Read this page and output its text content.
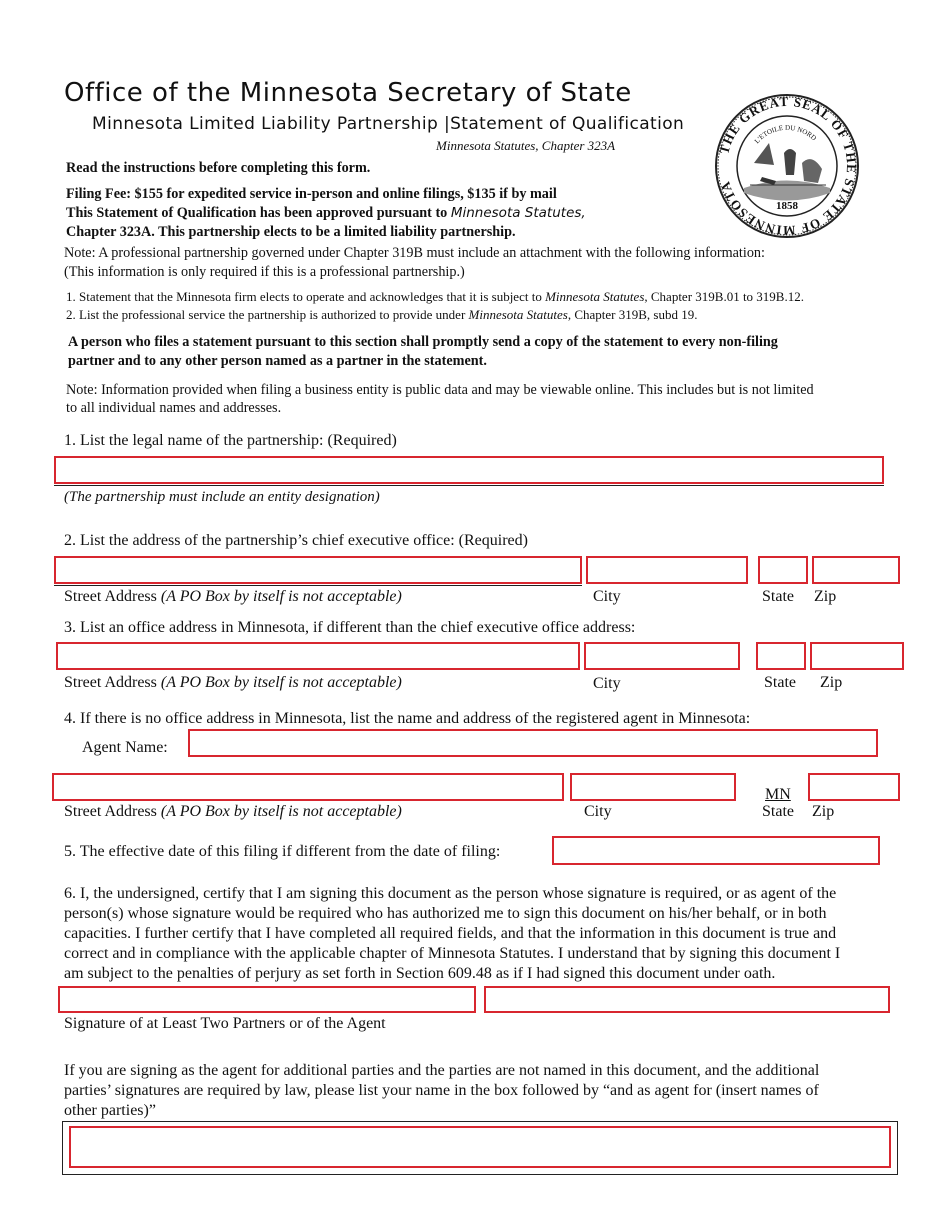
Office of the Minnesota Secretary of State
Minnesota Limited Liability Partnership |Statement of Qualification
Minnesota Statutes, Chapter 323A	THE GREAT SEAL OF THE STATE OF MINNESOTA
L'ETOILE DU NORD
1858
Read the instructions before completing this form.
Filing Fee: $155 for expedited service in-person and online filings, $135 if by mail
This Statement of Qualification has been approved pursuant to Minnesota Statutes,
Chapter 323A. This partnership elects to be a limited liability partnership.
Note: A professional partnership governed under Chapter 319B must include an attachment with the following information:
(This information is only required if this is a professional partnership.)
1. Statement that the Minnesota firm elects to operate and acknowledges that it is subject to Minnesota Statutes, Chapter 319B.01 to 319B.12.
2. List the professional service the partnership is authorized to provide under Minnesota Statutes, Chapter 319B, subd 19.
A person who files a statement pursuant to this section shall promptly send a copy of the statement to every non-filing
partner and to any other person named as a partner in the statement.
Note: Information provided when filing a business entity is public data and may be viewable online. This includes but is not limited
to all individual names and addresses.
1. List the legal name of the partnership: (Required)
(The partnership must include an entity designation)
2. List the address of the partnership’s chief executive office: (Required)
Street Address (A PO Box by itself is not acceptable)	City	State Zip
3. List an office address in Minnesota, if different than the chief executive office address:
Street Address (A PO Box by itself is not acceptable)	City	State Zip
4. If there is no office address in Minnesota, list the name and address of the registered agent in Minnesota:
Agent Name:
MN
Street Address (A PO Box by itself is not acceptable)	City	State Zip
5. The effective date of this filing if different from the date of filing:
6. I, the undersigned, certify that I am signing this document as the person whose signature is required, or as agent of the
person(s) whose signature would be required who has authorized me to sign this document on his/her behalf, or in both
capacities. I further certify that I have completed all required fields, and that the information in this document is true and
correct and in compliance with the applicable chapter of Minnesota Statutes. I understand that by signing this document I
am subject to the penalties of perjury as set forth in Section 609.48 as if I had signed this document under oath.
Signature of at Least Two Partners or of the Agent
If you are signing as the agent for additional parties and the parties are not named in this document, and the additional
parties’ signatures are required by law, please list your name in the box followed by “and as agent for (insert names of
other parties)”
